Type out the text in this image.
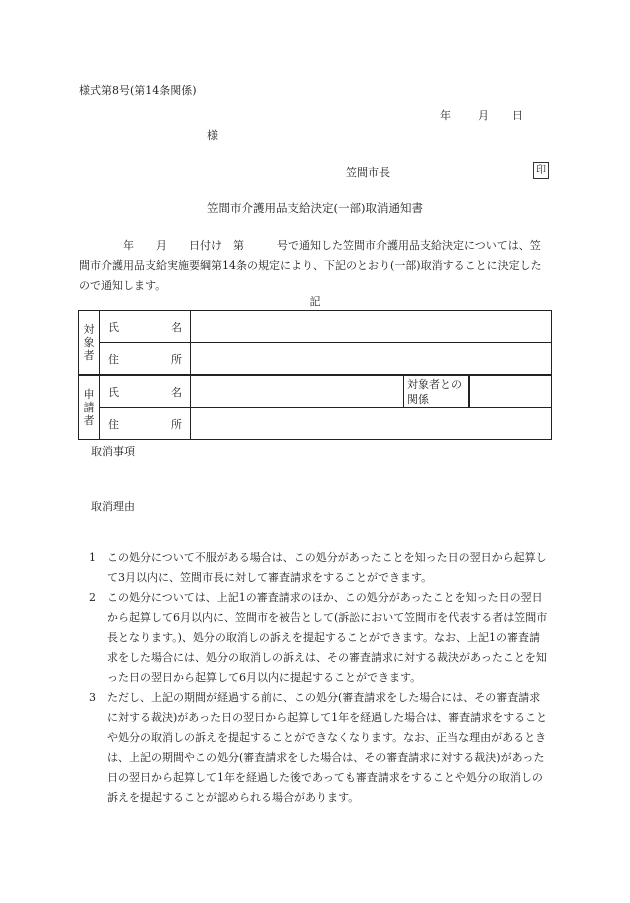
様式第8号(第14条関係)
年 月 日
様
笠間市長	印
笠間市介護用品支給決定(一部)取消通知書

年　　月　　日付け　第　　　号で通知した笠間市介護用品支給決定については、笠間市介護用品支給実施要綱第14条の規定により、下記のとおり(一部)取消することに決定したので通知します。

記
対
象
者	氏 名			

	住 所			

申
請
者	氏 名		対象者との関係	

	住 所			

取消事項
取消理由
1	この処分について不服がある場合は、この処分があったことを知った日の翌日から起算して3月以内に、笠間市長に対して審査請求をすることができます。
2	この処分については、上記1の審査請求のほか、この処分があったことを知った日の翌日から起算して6月以内に、笠間市を被告として(訴訟において笠間市を代表する者は笠間市長となります。)、処分の取消しの訴えを提起することができます。なお、上記1の審査請求をした場合には、処分の取消しの訴えは、その審査請求に対する裁決があったことを知った日の翌日から起算して6月以内に提起することができます。
3	ただし、上記の期間が経過する前に、この処分(審査請求をした場合には、その審査請求に対する裁決)があった日の翌日から起算して1年を経過した場合は、審査請求をすることや処分の取消しの訴えを提起することができなくなります。なお、正当な理由があるときは、上記の期間やこの処分(審査請求をした場合は、その審査請求に対する裁決)があった日の翌日から起算して1年を経過した後であっても審査請求をすることや処分の取消しの訴えを提起することが認められる場合があります。
